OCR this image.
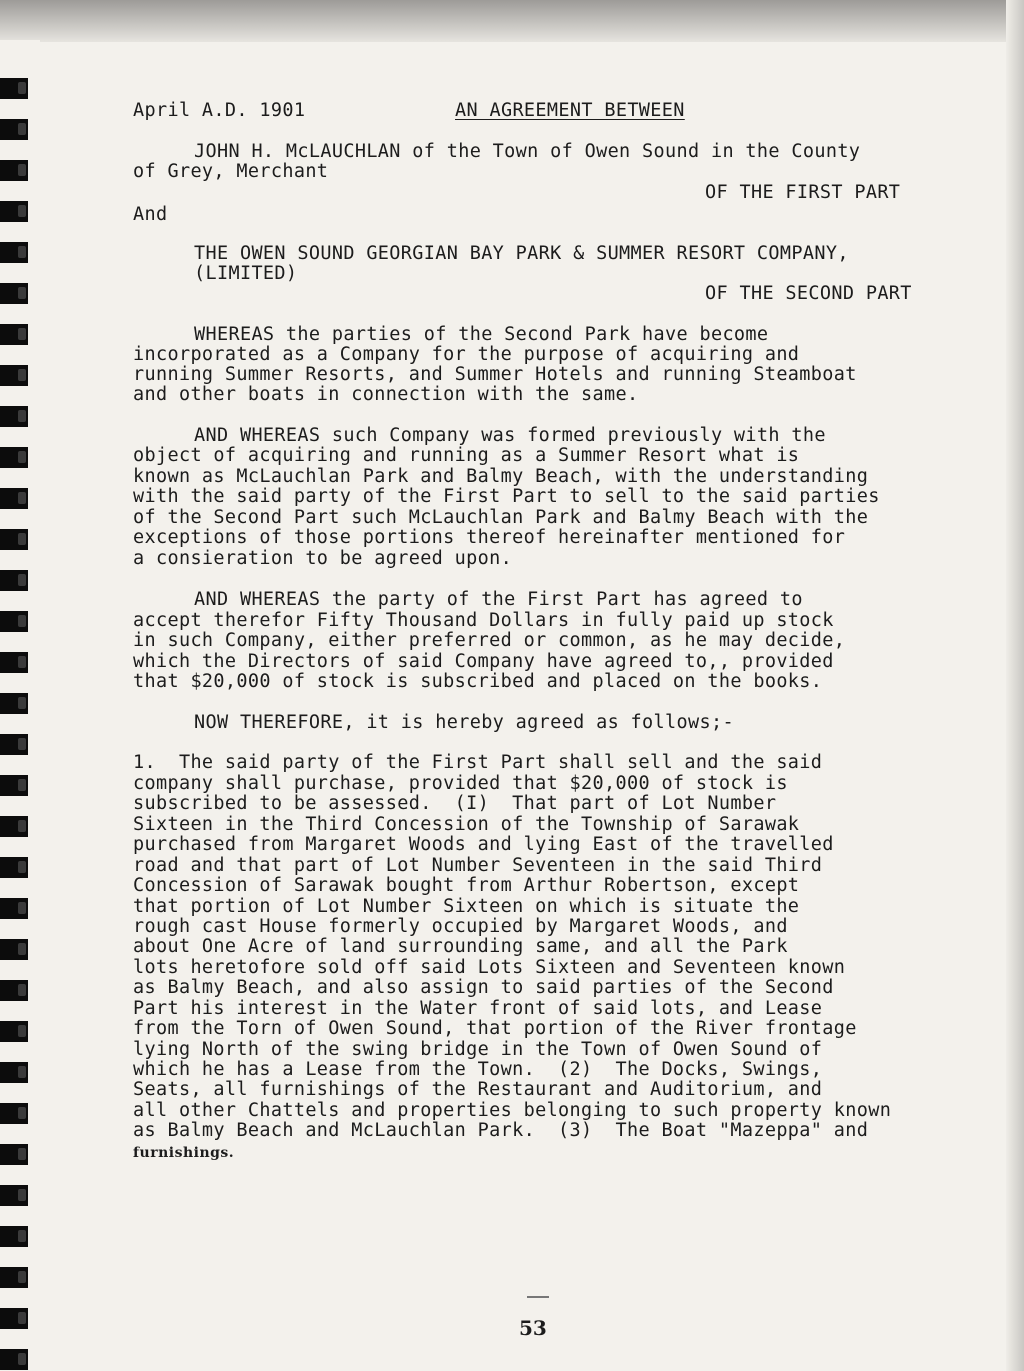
April A.D. 1901	AN AGREEMENT BETWEEN
JOHN H. McLAUCHLAN of the Town of Owen Sound in the County
of Grey, Merchant
OF THE FIRST PART
And
THE OWEN SOUND GEORGIAN BAY PARK & SUMMER RESORT COMPANY,
(LIMITED)
OF THE SECOND PART
WHEREAS the parties of the Second Park have become
incorporated as a Company for the purpose of acquiring and
running Summer Resorts, and Summer Hotels and running Steamboat
and other boats in connection with the same.
AND WHEREAS such Company was formed previously with the
object of acquiring and running as a Summer Resort what is
known as McLauchlan Park and Balmy Beach, with the understanding
with the said party of the First Part to sell to the said parties
of the Second Part such McLauchlan Park and Balmy Beach with the
exceptions of those portions thereof hereinafter mentioned for
a consieration to be agreed upon.
AND WHEREAS the party of the First Part has agreed to
accept therefor Fifty Thousand Dollars in fully paid up stock
in such Company, either preferred or common, as he may decide,
which the Directors of said Company have agreed to,, provided
that $20,000 of stock is subscribed and placed on the books.
NOW THEREFORE, it is hereby agreed as follows;-
1.  The said party of the First Part shall sell and the said
company shall purchase, provided that $20,000 of stock is
subscribed to be assessed.  (I)  That part of Lot Number
Sixteen in the Third Concession of the Township of Sarawak
purchased from Margaret Woods and lying East of the travelled
road and that part of Lot Number Seventeen in the said Third
Concession of Sarawak bought from Arthur Robertson, except
that portion of Lot Number Sixteen on which is situate the
rough cast House formerly occupied by Margaret Woods, and
about One Acre of land surrounding same, and all the Park
lots heretofore sold off said Lots Sixteen and Seventeen known
as Balmy Beach, and also assign to said parties of the Second
Part his interest in the Water front of said lots, and Lease
from the Torn of Owen Sound, that portion of the River frontage
lying North of the swing bridge in the Town of Owen Sound of
which he has a Lease from the Town.  (2)  The Docks, Swings,
Seats, all furnishings of the Restaurant and Auditorium, and
all other Chattels and properties belonging to such property known
as Balmy Beach and McLauchlan Park.  (3)  The Boat "Mazeppa" and
furnishings.
53
